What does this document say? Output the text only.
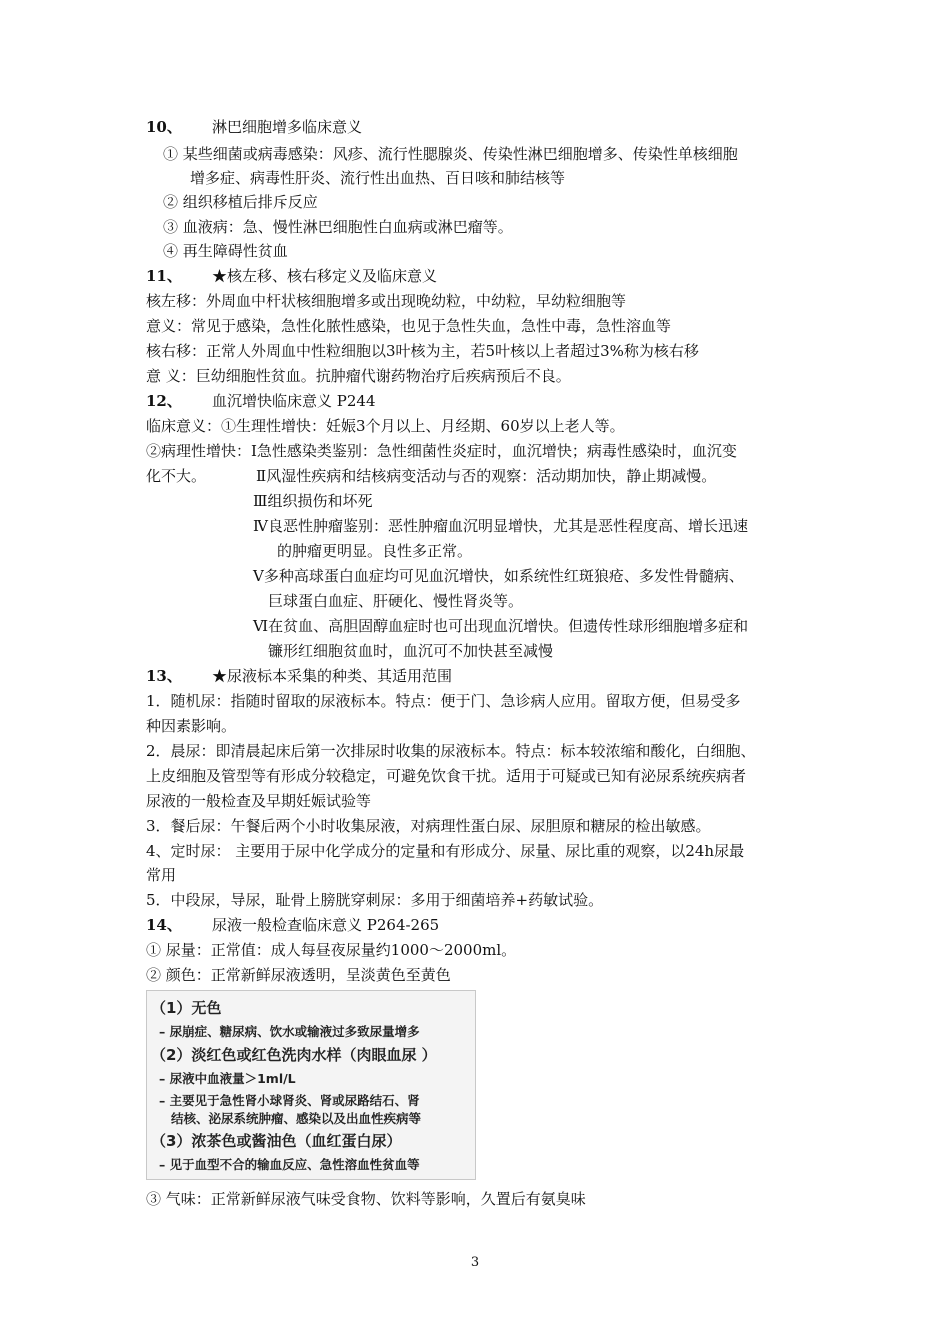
10、 淋巴细胞增多临床意义
① 某些细菌或病毒感染：风疹、流行性腮腺炎、传染性淋巴细胞增多、传染性单核细胞
增多症、病毒性肝炎、流行性出血热、百日咳和肺结核等
② 组织移植后排斥反应
③ 血液病：急、慢性淋巴细胞性白血病或淋巴瘤等。
④ 再生障碍性贫血
11、 ★核左移、核右移定义及临床意义
核左移：外周血中杆状核细胞增多或出现晚幼粒，中幼粒，早幼粒细胞等
意义：常见于感染，急性化脓性感染，也见于急性失血，急性中毒，急性溶血等
核右移：正常人外周血中性粒细胞以3叶核为主，若5叶核以上者超过3%称为核右移
意 义：巨幼细胞性贫血。抗肿瘤代谢药物治疗后疾病预后不良。
12、 血沉增快临床意义 P244
临床意义：①生理性增快：妊娠3个月以上、月经期、60岁以上老人等。
②病理性增快：Ⅰ急性感染类鉴别：急性细菌性炎症时，血沉增快；病毒性感染时，血沉变
化不大。	Ⅱ风湿性疾病和结核病变活动与否的观察：活动期加快，静止期减慢。
Ⅲ组织损伤和坏死
Ⅳ良恶性肿瘤鉴别：恶性肿瘤血沉明显增快，尤其是恶性程度高、增长迅速
的肿瘤更明显。良性多正常。
Ⅴ多种高球蛋白血症均可见血沉增快，如系统性红斑狼疮、多发性骨髓病、
巨球蛋白血症、肝硬化、慢性肾炎等。
Ⅵ在贫血、高胆固醇血症时也可出现血沉增快。但遗传性球形细胞增多症和
镰形红细胞贫血时，血沉可不加快甚至减慢
13、 ★尿液标本采集的种类、其适用范围
1．随机尿：指随时留取的尿液标本。特点：便于门、急诊病人应用。留取方便，但易受多
种因素影响。
2．晨尿：即清晨起床后第一次排尿时收集的尿液标本。特点：标本较浓缩和酸化，白细胞、
上皮细胞及管型等有形成分较稳定，可避免饮食干扰。适用于可疑或已知有泌尿系统疾病者
尿液的一般检查及早期妊娠试验等
3．餐后尿：午餐后两个小时收集尿液，对病理性蛋白尿、尿胆原和糖尿的检出敏感。
4、定时尿： 主要用于尿中化学成分的定量和有形成分、尿量、尿比重的观察，以24h尿最
常用
5．中段尿，导尿，耻骨上膀胱穿刺尿：多用于细菌培养+药敏试验。
14、 尿液一般检查临床意义 P264-265
① 尿量：正常值：成人每昼夜尿量约1000～2000ml。
② 颜色：正常新鲜尿液透明，呈淡黄色至黄色
（1）无色
– 尿崩症、糖尿病、饮水或输液过多致尿量增多
（2）淡红色或红色洗肉水样（肉眼血尿 ）
– 尿液中血液量＞1ml/L
– 主要见于急性肾小球肾炎、肾或尿路结石、肾
结核、泌尿系统肿瘤、感染以及出血性疾病等
（3）浓茶色或酱油色（血红蛋白尿）
– 见于血型不合的输血反应、急性溶血性贫血等
③ 气味：正常新鲜尿液气味受食物、饮料等影响，久置后有氨臭味
3
